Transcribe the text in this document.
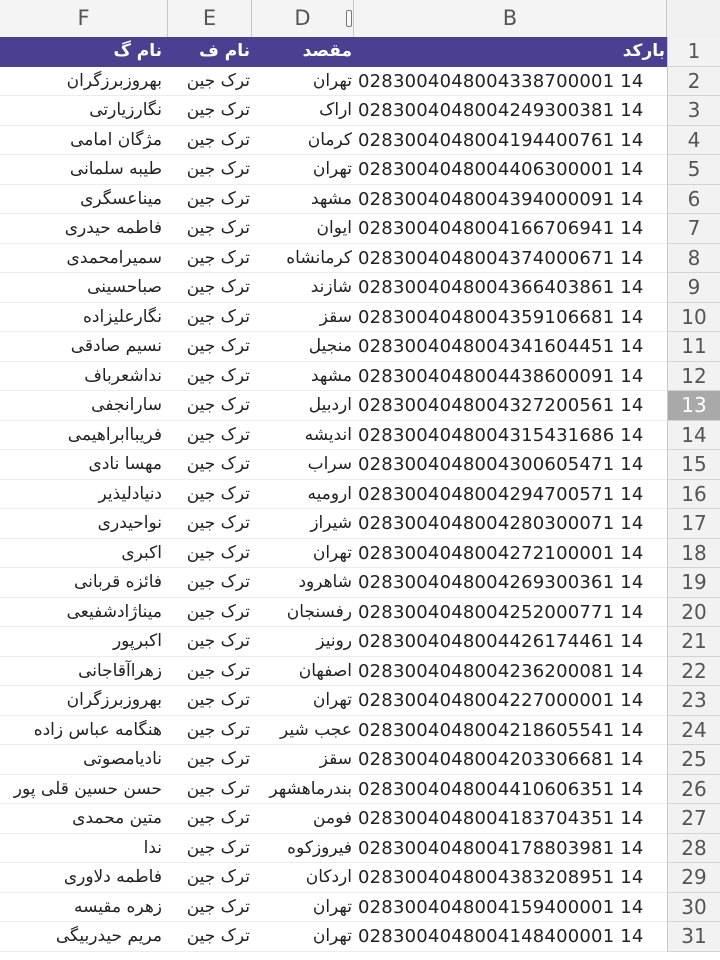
F	E	D	B
نام گ	نام ف	مقصد	بارکد	1
بهروزبرزگران	ترک جین	تهران 0283004048004338700001 14	2
نگارزیارتی	ترک جین	اراک 0283004048004249300381 14	3
مژگان امامی	ترک جین	کرمان 0283004048004194400761 14	4
طیبه سلمانی	ترک جین	تهران 0283004048004406300001 14	5
میناعسگری	ترک جین	مشهد 0283004048004394000091 14	6
فاطمه حیدری	ترک جین	ایوان 0283004048004166706941 14	7
سمیرامحمدی	ترک جین	کرمانشاه 0283004048004374000671 14	8
صباحسینی	ترک جین	شازند 0283004048004366403861 14	9
نگارعلیزاده	ترک جین	سقز 0283004048004359106681 14	10
نسیم صادقی	ترک جین	منجیل 0283004048004341604451 14	11
نداشعرباف	ترک جین	مشهد 0283004048004438600091 14	12
سارانجفی	ترک جین	اردبیل 0283004048004327200561 14	13
فریباابراهیمی	ترک جین	اندیشه 0283004048004315431686 14	14
مهسا نادی	ترک جین	سراب 0283004048004300605471 14	15
دنیادلیذیر	ترک جین	ارومیه 0283004048004294700571 14	16
نواحیدری	ترک جین	شیراز 0283004048004280300071 14	17
اکبری	ترک جین	تهران 0283004048004272100001 14	18
فائزه قربانی	ترک جین	شاهرود 0283004048004269300361 14	19
میناژادشفیعی	ترک جین	رفسنجان 0283004048004252000771 14	20
اکبرپور	ترک جین	رونیز 0283004048004426174461 14	21
زهراآقاجانی	ترک جین	اصفهان 0283004048004236200081 14	22
بهروزبرزگران	ترک جین	تهران 0283004048004227000001 14	23
هنگامه عباس زاده	ترک جین	عجب شیر 0283004048004218605541 14	24
نادیامصوتی	ترک جین	سقز 0283004048004203306681 14	25
حسن حسین قلی پور	ترک جین	بندرماهشهر 0283004048004410606351 14	26
متین محمدی	ترک جین	فومن 0283004048004183704351 14	27
ندا	ترک جین	فیروزکوه 0283004048004178803981 14	28
فاطمه دلاوری	ترک جین	اردکان 0283004048004383208951 14	29
زهره مقیسه	ترک جین	تهران 0283004048004159400001 14	30
مریم حیدربیگی	ترک جین	تهران 0283004048004148400001 14	31
